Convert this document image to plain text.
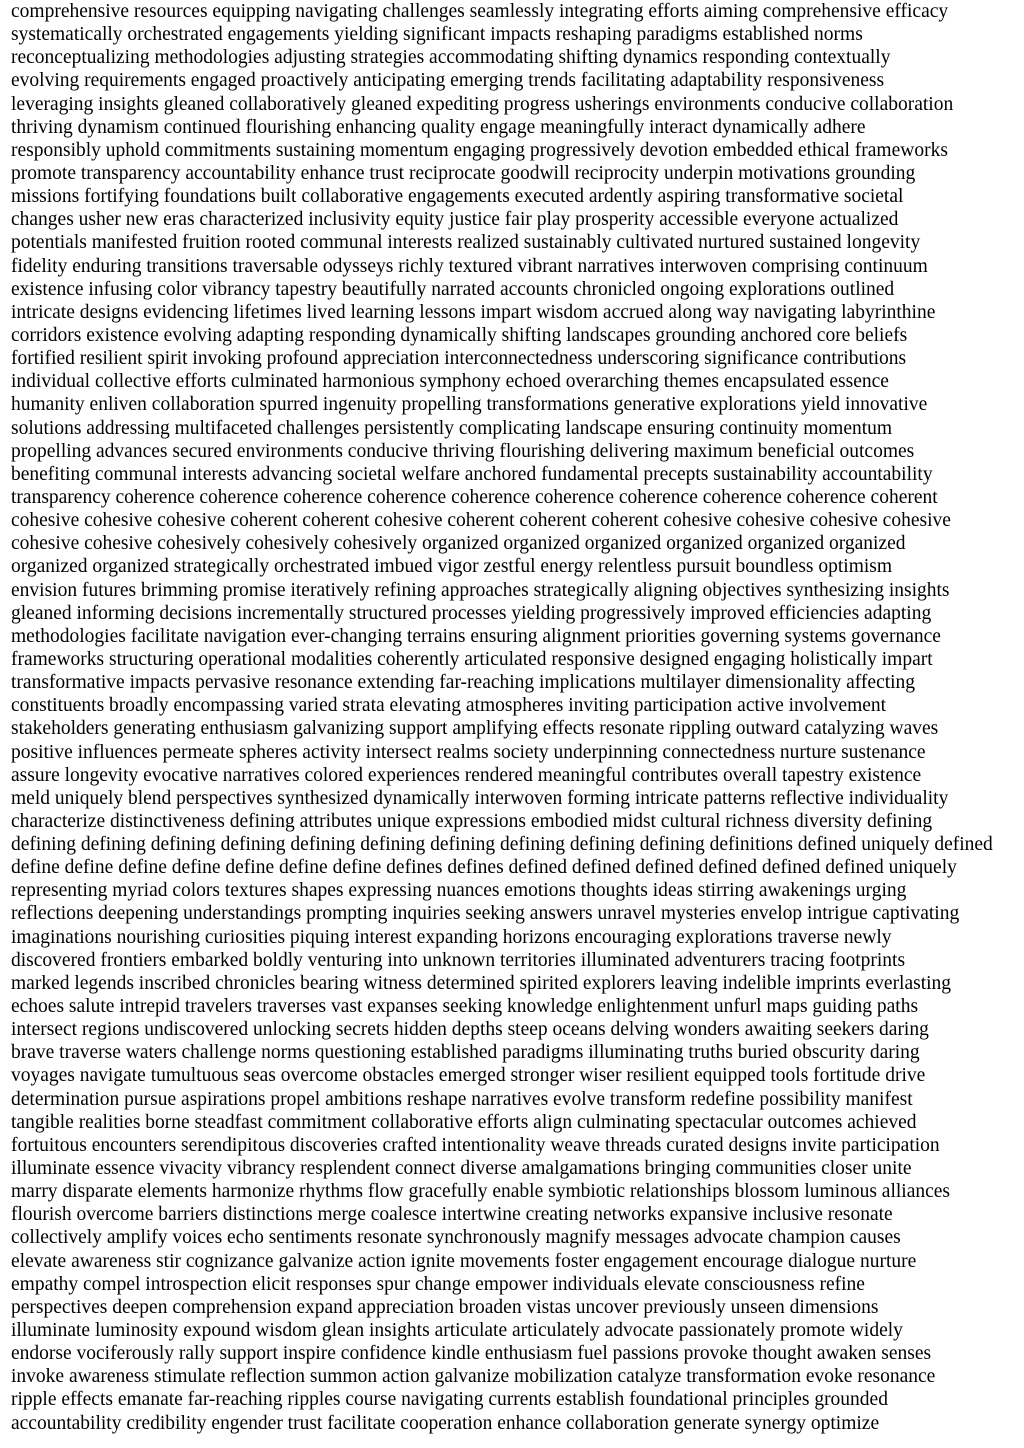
comprehensive resources equipping navigating challenges seamlessly integrating efforts aiming comprehensive efficacy
systematically orchestrated engagements yielding significant impacts reshaping paradigms established norms
reconceptualizing methodologies adjusting strategies accommodating shifting dynamics responding contextually
evolving requirements engaged proactively anticipating emerging trends facilitating adaptability responsiveness
leveraging insights gleaned collaboratively gleaned expediting progress usherings environments conducive collaboration
thriving dynamism continued flourishing enhancing quality engage meaningfully interact dynamically adhere
responsibly uphold commitments sustaining momentum engaging progressively devotion embedded ethical frameworks
promote transparency accountability enhance trust reciprocate goodwill reciprocity underpin motivations grounding
missions fortifying foundations built collaborative engagements executed ardently aspiring transformative societal
changes usher new eras characterized inclusivity equity justice fair play prosperity accessible everyone actualized
potentials manifested fruition rooted communal interests realized sustainably cultivated nurtured sustained longevity
fidelity enduring transitions traversable odysseys richly textured vibrant narratives interwoven comprising continuum
existence infusing color vibrancy tapestry beautifully narrated accounts chronicled ongoing explorations outlined
intricate designs evidencing lifetimes lived learning lessons impart wisdom accrued along way navigating labyrinthine
corridors existence evolving adapting responding dynamically shifting landscapes grounding anchored core beliefs
fortified resilient spirit invoking profound appreciation interconnectedness underscoring significance contributions
individual collective efforts culminated harmonious symphony echoed overarching themes encapsulated essence
humanity enliven collaboration spurred ingenuity propelling transformations generative explorations yield innovative
solutions addressing multifaceted challenges persistently complicating landscape ensuring continuity momentum
propelling advances secured environments conducive thriving flourishing delivering maximum beneficial outcomes
benefiting communal interests advancing societal welfare anchored fundamental precepts sustainability accountability
transparency coherence coherence coherence coherence coherence coherence coherence coherence coherence coherent
cohesive cohesive cohesive coherent coherent cohesive coherent coherent coherent cohesive cohesive cohesive cohesive
cohesive cohesive cohesively cohesively cohesively organized organized organized organized organized organized
organized organized strategically orchestrated imbued vigor zestful energy relentless pursuit boundless optimism
envision futures brimming promise iteratively refining approaches strategically aligning objectives synthesizing insights
gleaned informing decisions incrementally structured processes yielding progressively improved efficiencies adapting
methodologies facilitate navigation ever-changing terrains ensuring alignment priorities governing systems governance
frameworks structuring operational modalities coherently articulated responsive designed engaging holistically impart
transformative impacts pervasive resonance extending far-reaching implications multilayer dimensionality affecting
constituents broadly encompassing varied strata elevating atmospheres inviting participation active involvement
stakeholders generating enthusiasm galvanizing support amplifying effects resonate rippling outward catalyzing waves
positive influences permeate spheres activity intersect realms society underpinning connectedness nurture sustenance
assure longevity evocative narratives colored experiences rendered meaningful contributes overall tapestry existence
meld uniquely blend perspectives synthesized dynamically interwoven forming intricate patterns reflective individuality
characterize distinctiveness defining attributes unique expressions embodied midst cultural richness diversity defining
defining defining defining defining defining defining defining defining defining defining definitions defined uniquely defined
define define define define define define define defines defines defined defined defined defined defined defined uniquely
representing myriad colors textures shapes expressing nuances emotions thoughts ideas stirring awakenings urging
reflections deepening understandings prompting inquiries seeking answers unravel mysteries envelop intrigue captivating
imaginations nourishing curiosities piquing interest expanding horizons encouraging explorations traverse newly
discovered frontiers embarked boldly venturing into unknown territories illuminated adventurers tracing footprints
marked legends inscribed chronicles bearing witness determined spirited explorers leaving indelible imprints everlasting
echoes salute intrepid travelers traverses vast expanses seeking knowledge enlightenment unfurl maps guiding paths
intersect regions undiscovered unlocking secrets hidden depths steep oceans delving wonders awaiting seekers daring
brave traverse waters challenge norms questioning established paradigms illuminating truths buried obscurity daring
voyages navigate tumultuous seas overcome obstacles emerged stronger wiser resilient equipped tools fortitude drive
determination pursue aspirations propel ambitions reshape narratives evolve transform redefine possibility manifest
tangible realities borne steadfast commitment collaborative efforts align culminating spectacular outcomes achieved
fortuitous encounters serendipitous discoveries crafted intentionality weave threads curated designs invite participation
illuminate essence vivacity vibrancy resplendent connect diverse amalgamations bringing communities closer unite
marry disparate elements harmonize rhythms flow gracefully enable symbiotic relationships blossom luminous alliances
flourish overcome barriers distinctions merge coalesce intertwine creating networks expansive inclusive resonate
collectively amplify voices echo sentiments resonate synchronously magnify messages advocate champion causes
elevate awareness stir cognizance galvanize action ignite movements foster engagement encourage dialogue nurture
empathy compel introspection elicit responses spur change empower individuals elevate consciousness refine
perspectives deepen comprehension expand appreciation broaden vistas uncover previously unseen dimensions
illuminate luminosity expound wisdom glean insights articulate articulately advocate passionately promote widely
endorse vociferously rally support inspire confidence kindle enthusiasm fuel passions provoke thought awaken senses
invoke awareness stimulate reflection summon action galvanize mobilization catalyze transformation evoke resonance
ripple effects emanate far-reaching ripples course navigating currents establish foundational principles grounded
accountability credibility engender trust facilitate cooperation enhance collaboration generate synergy optimize
